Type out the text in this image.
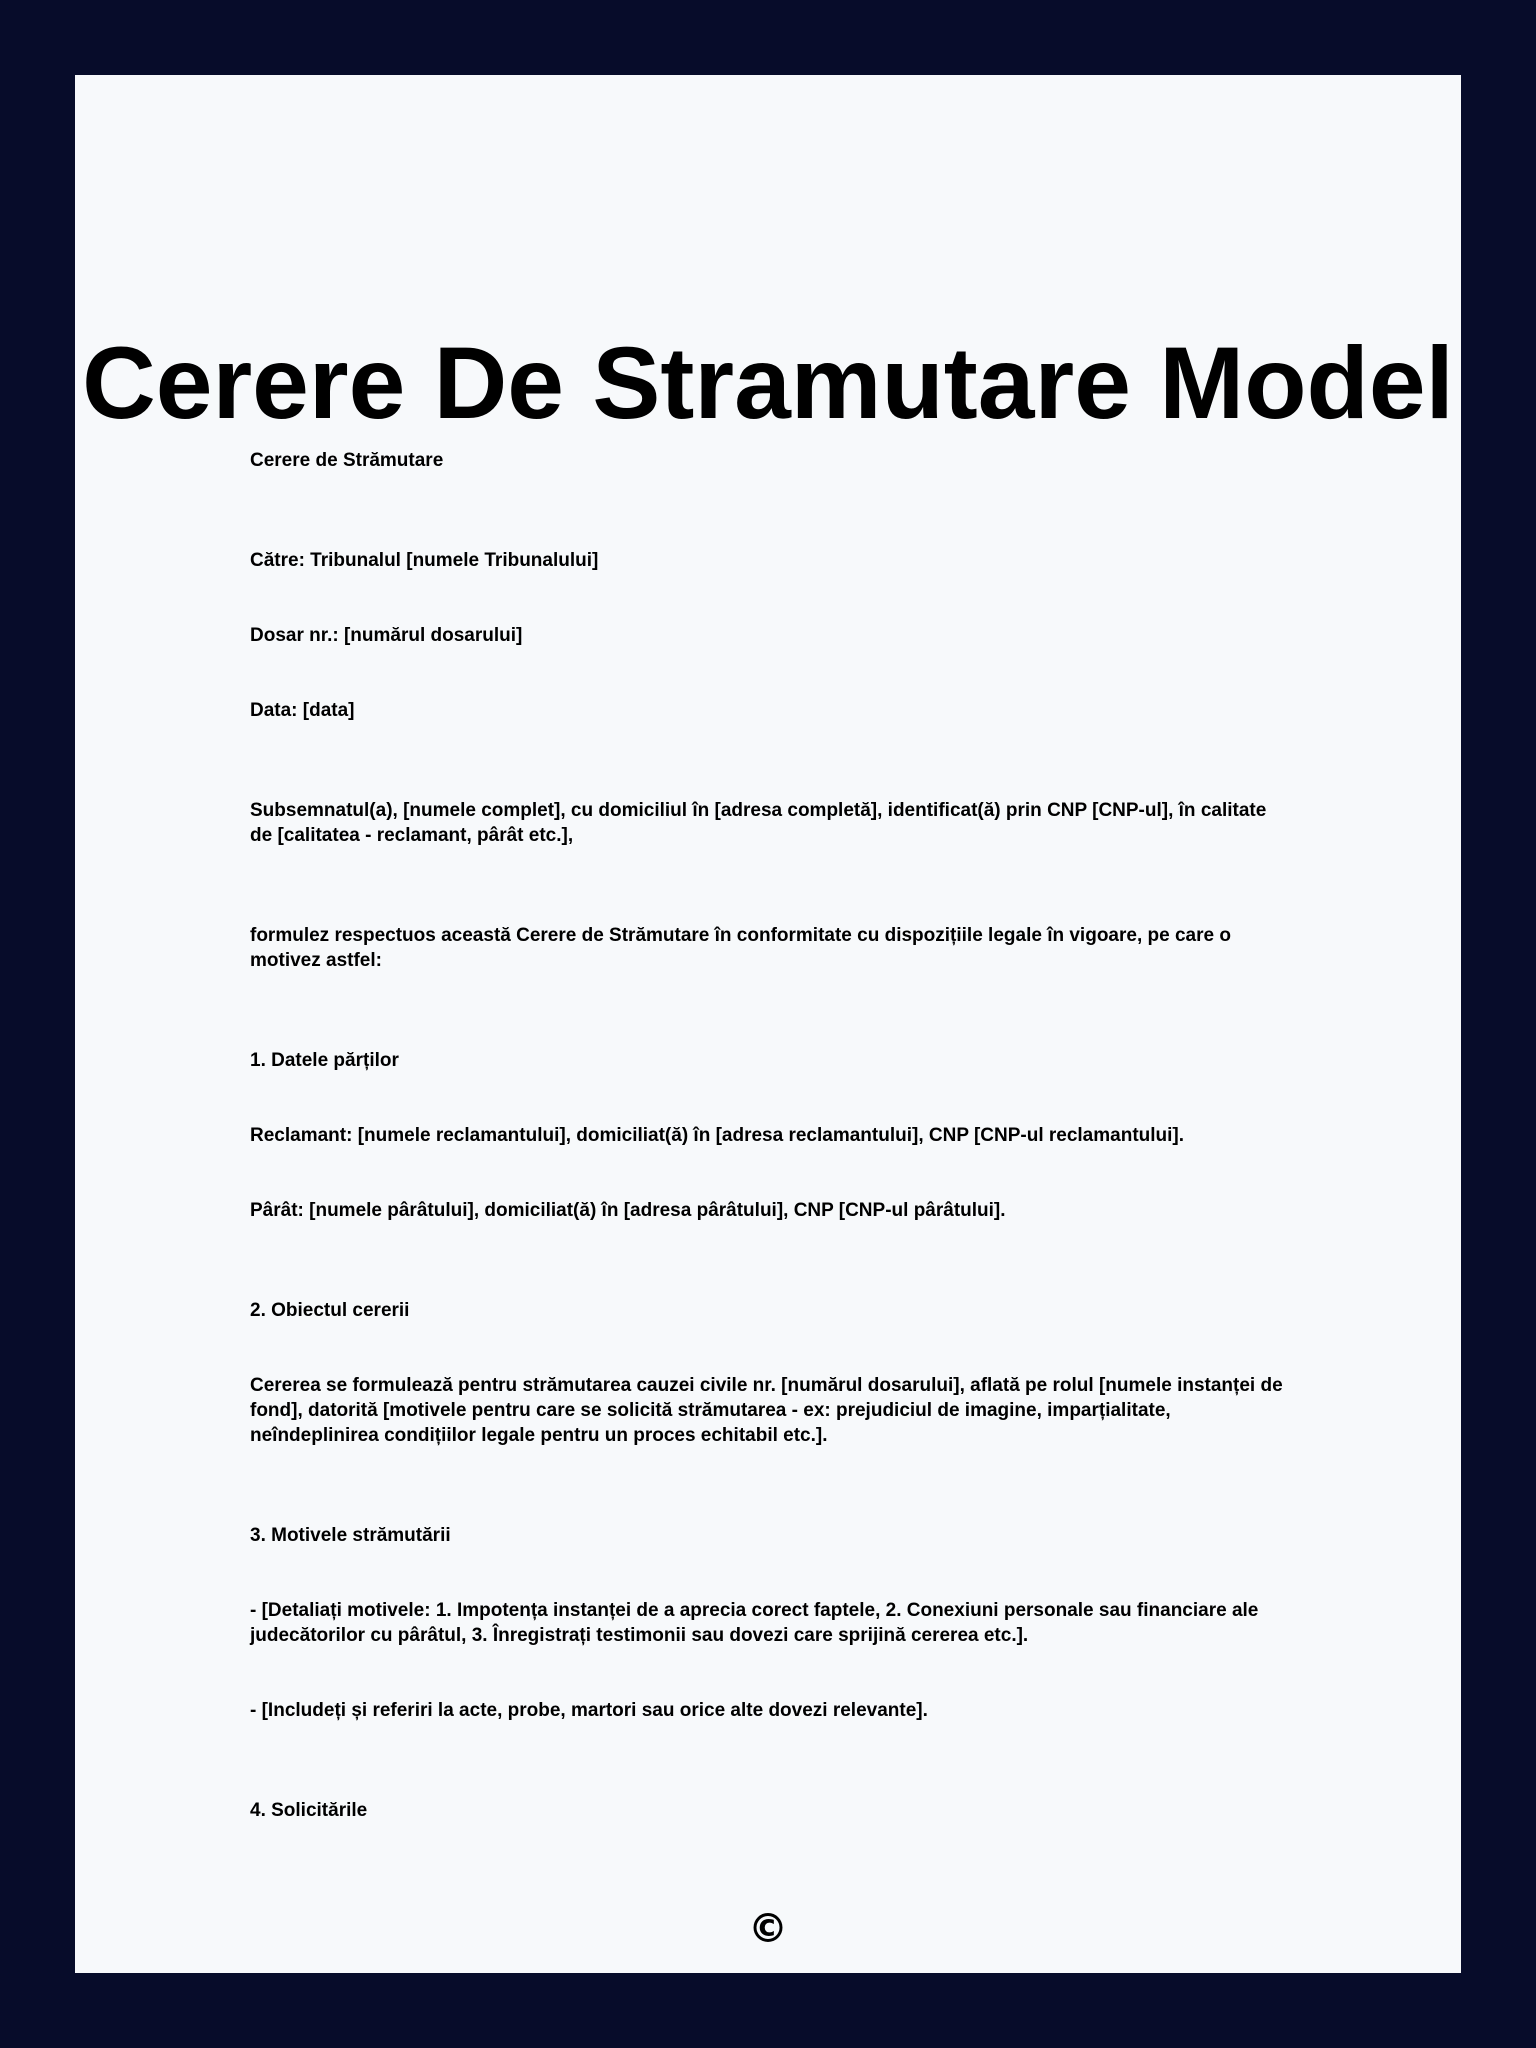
Cerere De Stramutare Model

Cerere de Strămutare

Către: Tribunalul [numele Tribunalului]

Dosar nr.: [numărul dosarului]

Data: [data]

Subsemnatul(a), [numele complet], cu domiciliul în [adresa completă], identificat(ă) prin CNP [CNP-ul], în calitate de [calitatea - reclamant, pârât etc.],

formulez respectuos această Cerere de Strămutare în conformitate cu dispozițiile legale în vigoare, pe care o motivez astfel:

1. Datele părților

Reclamant: [numele reclamantului], domiciliat(ă) în [adresa reclamantului], CNP [CNP-ul reclamantului].

Pârât: [numele pârâtului], domiciliat(ă) în [adresa pârâtului], CNP [CNP-ul pârâtului].

2. Obiectul cererii

Cererea se formulează pentru strămutarea cauzei civile nr. [numărul dosarului], aflată pe rolul [numele instanței de fond], datorită [motivele pentru care se solicită strămutarea - ex: prejudiciul de imagine, imparțialitate, neîndeplinirea condițiilor legale pentru un proces echitabil etc.].

3. Motivele strămutării

- [Detaliați motivele: 1. Impotența instanței de a aprecia corect faptele, 2. Conexiuni personale sau financiare ale judecătorilor cu pârâtul, 3. Înregistrați testimonii sau dovezi care sprijină cererea etc.].

- [Includeți și referiri la acte, probe, martori sau orice alte dovezi relevante].

4. Solicitările

©
